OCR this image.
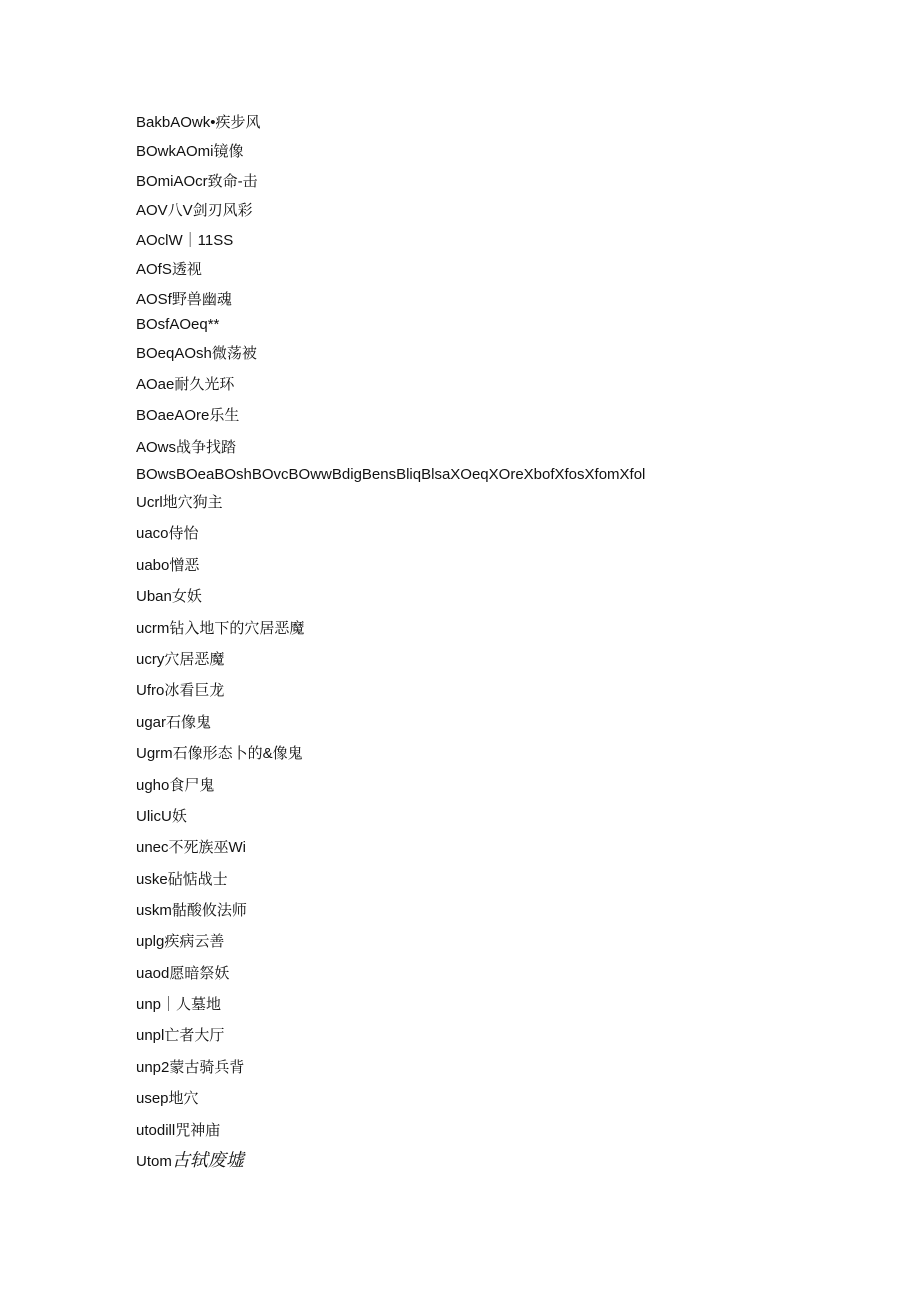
BakbAOwk•疾步风
BOwkAOmi镜像
BOmiAOcr致命-击
AOV八V剑刃风彩
AOclW｜11SS
AOfS透视
AOSf野兽幽魂
BOsfAOeq**
BOeqAOsh微荡被
AOae耐久光环
BOaeAOre乐生
AOws战争找踏
BOwsBOeaBOshBOvcBOwwBdigBensBliqBlsaXOeqXOreXbofXfosXfomXfol
Ucrl地穴狗主
uaco侍怡
uabo憎恶
Uban女妖
ucrm钻入地下的穴居恶魔
ucry穴居恶魔
Ufro冰看巨龙
ugar石像鬼
Ugrm石像形态卜的&像鬼
ugho食尸鬼
UlicU妖
unec不死族巫Wi
uske砧惦战士
uskm骷酸攸法师
uplg疾病云善
uaod愿暗祭妖
unp｜人墓地
unpl亡者大厅
unp2蒙古骑兵背
usep地穴
utodill咒神庙
Utom古轼废墟
